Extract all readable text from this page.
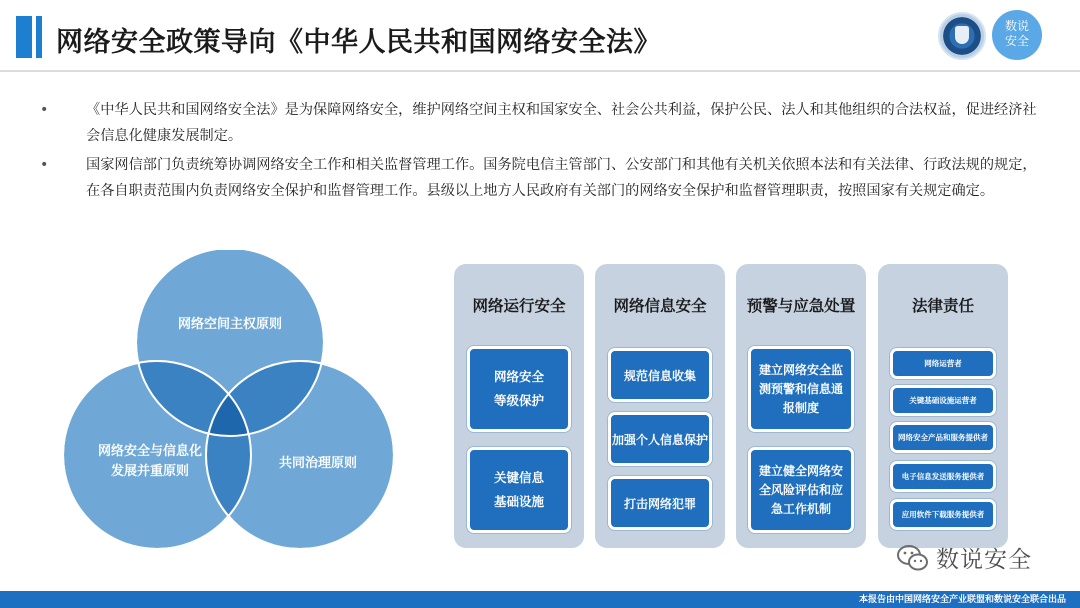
网络安全政策导向《中华人民共和国网络安全法》
数说
安全
•	《中华人民共和国网络安全法》是为保障网络安全，维护网络空间主权和国家安全、社会公共利益，保护公民、法人和其他组织的合法权益，促进经济社会信息化健康发展制定。
•	国家网信部门负责统筹协调网络安全工作和相关监督管理工作。国务院电信主管部门、公安部门和其他有关机关依照本法和有关法律、行政法规的规定，在各自职责范围内负责网络安全保护和监督管理工作。县级以上地方人民政府有关部门的网络安全保护和监督管理职责，按照国家有关规定确定。
网络空间主权原则
网络安全与信息化
发展并重原则
共同治理原则
网络运行安全
网络安全
等级保护
关键信息
基础设施
网络信息安全
规范信息收集
加强个人信息保护
打击网络犯罪
预警与应急处置
建立网络安全监
测预警和信息通
报制度
建立健全网络安
全风险评估和应
急工作机制
法律责任
网络运营者
关键基础设施运营者
网络安全产品和服务提供者
电子信息发送服务提供者
应用软件下载服务提供者
数说安全
本报告由中国网络安全产业联盟和数说安全联合出品
